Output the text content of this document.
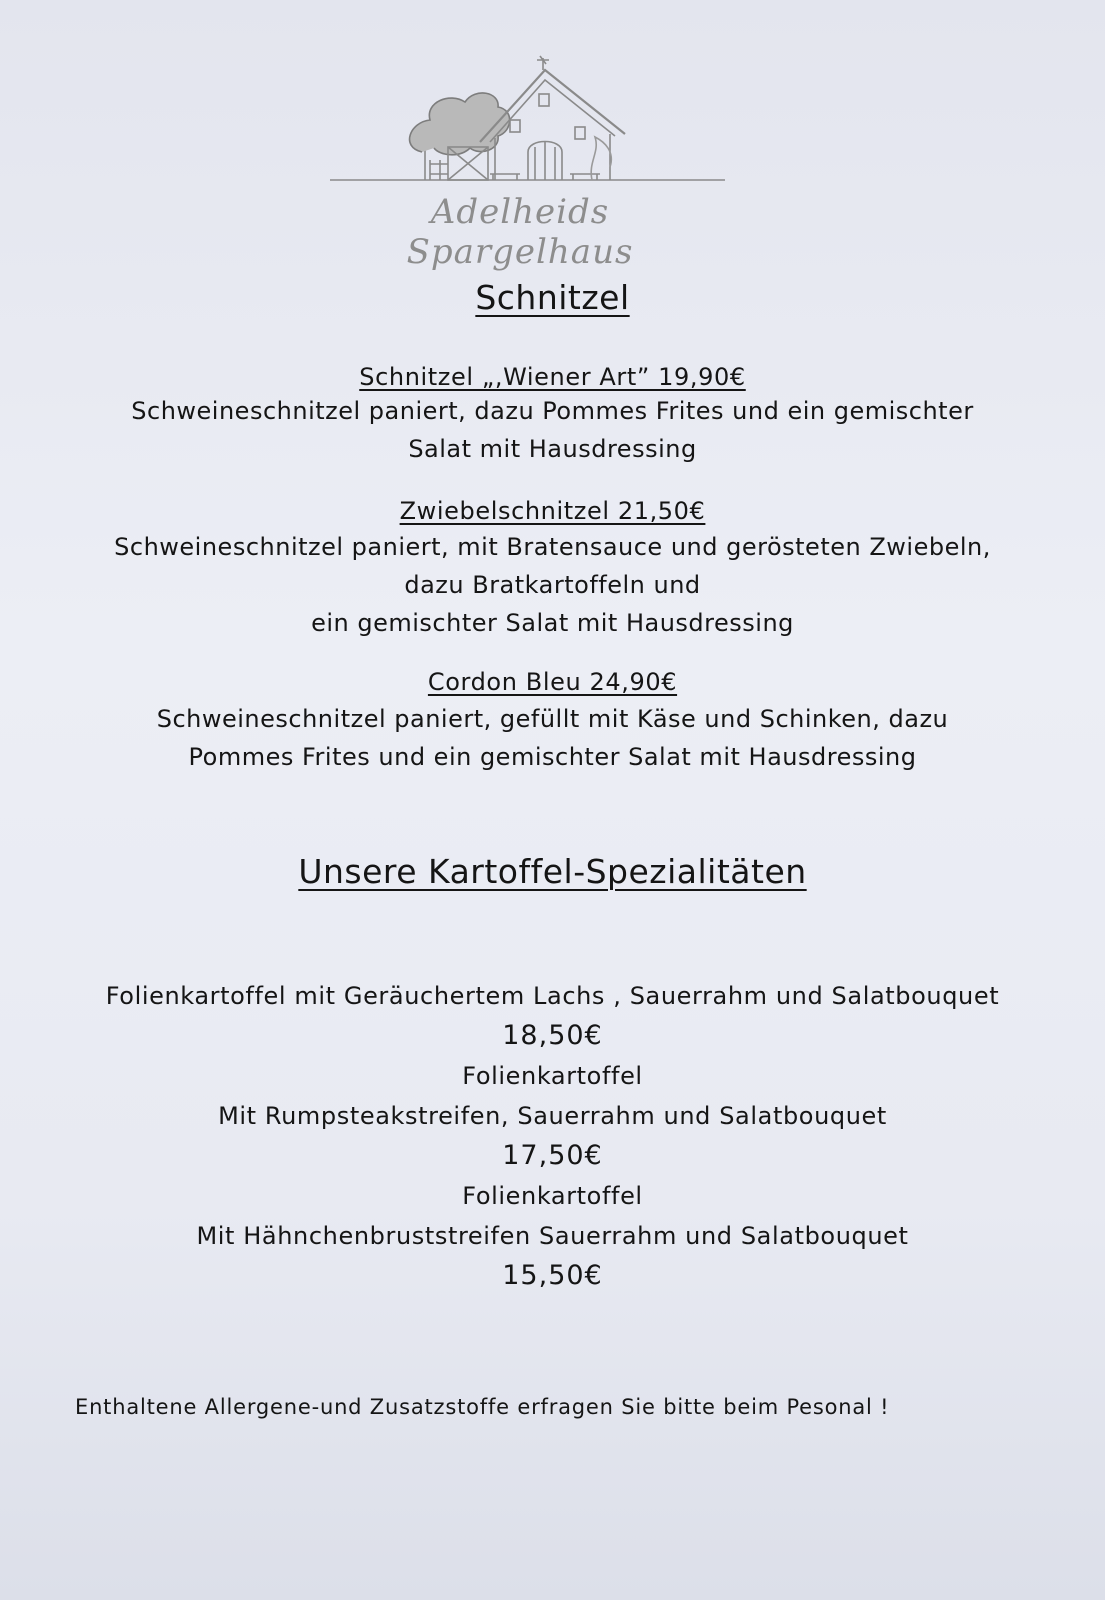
Adelheids Spargelhaus
Schnitzel
Schnitzel „,Wiener Art” 19,90€
Schweineschnitzel paniert, dazu Pommes Frites und ein gemischter
Salat mit Hausdressing
Zwiebelschnitzel 21,50€
Schweineschnitzel paniert, mit Bratensauce und gerösteten Zwiebeln,
dazu Bratkartoffeln und
ein gemischter Salat mit Hausdressing
Cordon Bleu 24,90€
Schweineschnitzel paniert, gefüllt mit Käse und Schinken, dazu
Pommes Frites und ein gemischter Salat mit Hausdressing
Unsere Kartoffel-Spezialitäten
Folienkartoffel mit Geräuchertem Lachs , Sauerrahm und Salatbouquet
18,50€
Folienkartoffel
Mit Rumpsteakstreifen, Sauerrahm und Salatbouquet
17,50€
Folienkartoffel
Mit Hähnchenbruststreifen Sauerrahm und Salatbouquet
15,50€
Enthaltene Allergene-und Zusatzstoffe erfragen Sie bitte beim Pesonal !
